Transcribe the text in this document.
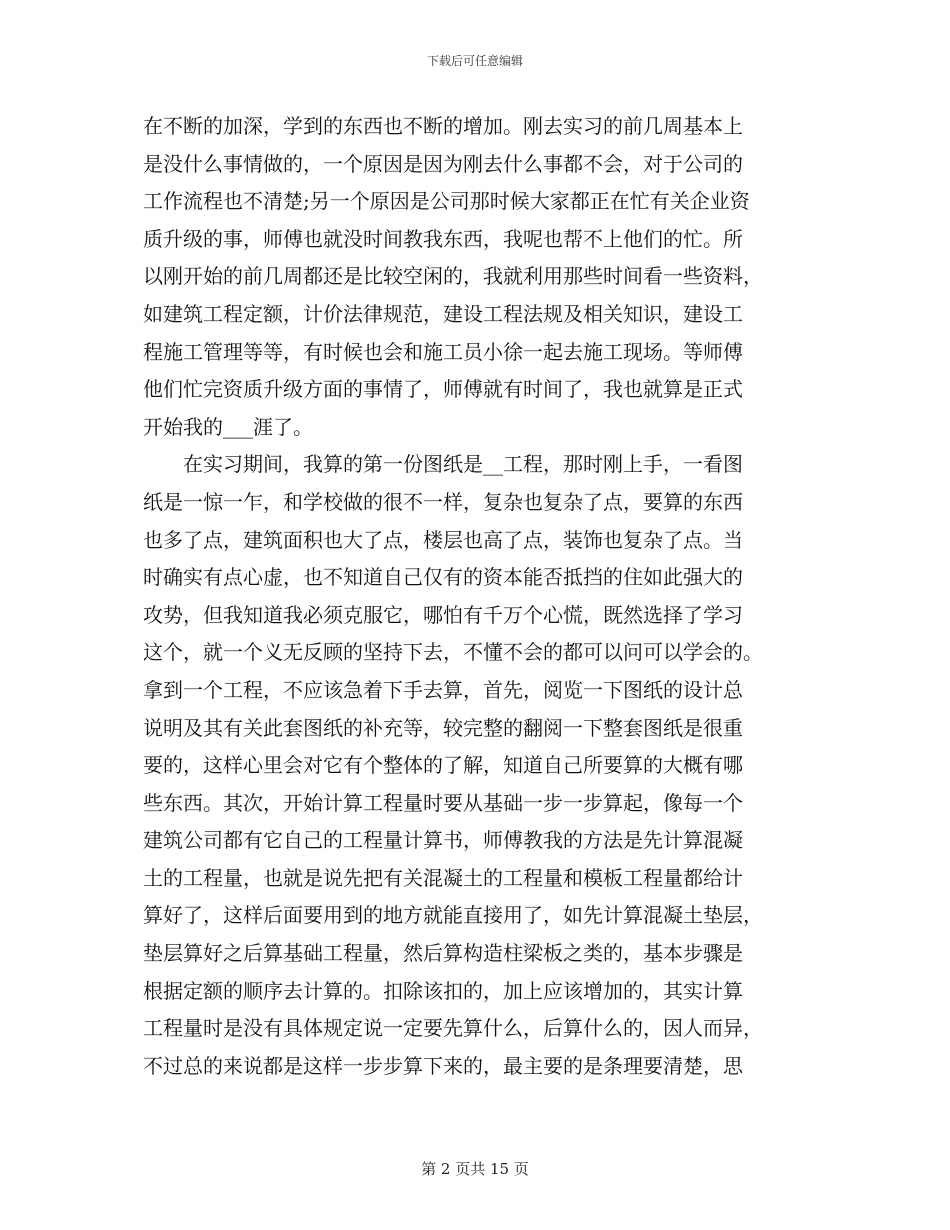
下载后可任意编辑
在不断的加深，学到的东西也不断的增加。刚去实习的前几周基本上
是没什么事情做的，一个原因是因为刚去什么事都不会，对于公司的
工作流程也不清楚;另一个原因是公司那时候大家都正在忙有关企业资
质升级的事，师傅也就没时间教我东西，我呢也帮不上他们的忙。所
以刚开始的前几周都还是比较空闲的，我就利用那些时间看一些资料，
如建筑工程定额，计价法律规范，建设工程法规及相关知识，建设工
程施工管理等等，有时候也会和施工员小徐一起去施工现场。等师傅
他们忙完资质升级方面的事情了，师傅就有时间了，我也就算是正式
开始我的___涯了。
　　在实习期间，我算的第一份图纸是__工程，那时刚上手，一看图
纸是一惊一乍，和学校做的很不一样，复杂也复杂了点，要算的东西
也多了点，建筑面积也大了点，楼层也高了点，装饰也复杂了点。当
时确实有点心虚，也不知道自己仅有的资本能否抵挡的住如此强大的
攻势，但我知道我必须克服它，哪怕有千万个心慌，既然选择了学习
这个，就一个义无反顾的坚持下去，不懂不会的都可以问可以学会的。
拿到一个工程，不应该急着下手去算，首先，阅览一下图纸的设计总
说明及其有关此套图纸的补充等，较完整的翻阅一下整套图纸是很重
要的，这样心里会对它有个整体的了解，知道自己所要算的大概有哪
些东西。其次，开始计算工程量时要从基础一步一步算起，像每一个
建筑公司都有它自己的工程量计算书，师傅教我的方法是先计算混凝
土的工程量，也就是说先把有关混凝土的工程量和模板工程量都给计
算好了，这样后面要用到的地方就能直接用了，如先计算混凝土垫层，
垫层算好之后算基础工程量，然后算构造柱梁板之类的，基本步骤是
根据定额的顺序去计算的。扣除该扣的，加上应该增加的，其实计算
工程量时是没有具体规定说一定要先算什么，后算什么的，因人而异，
不过总的来说都是这样一步步算下来的，最主要的是条理要清楚，思
第 2 页共 15 页
